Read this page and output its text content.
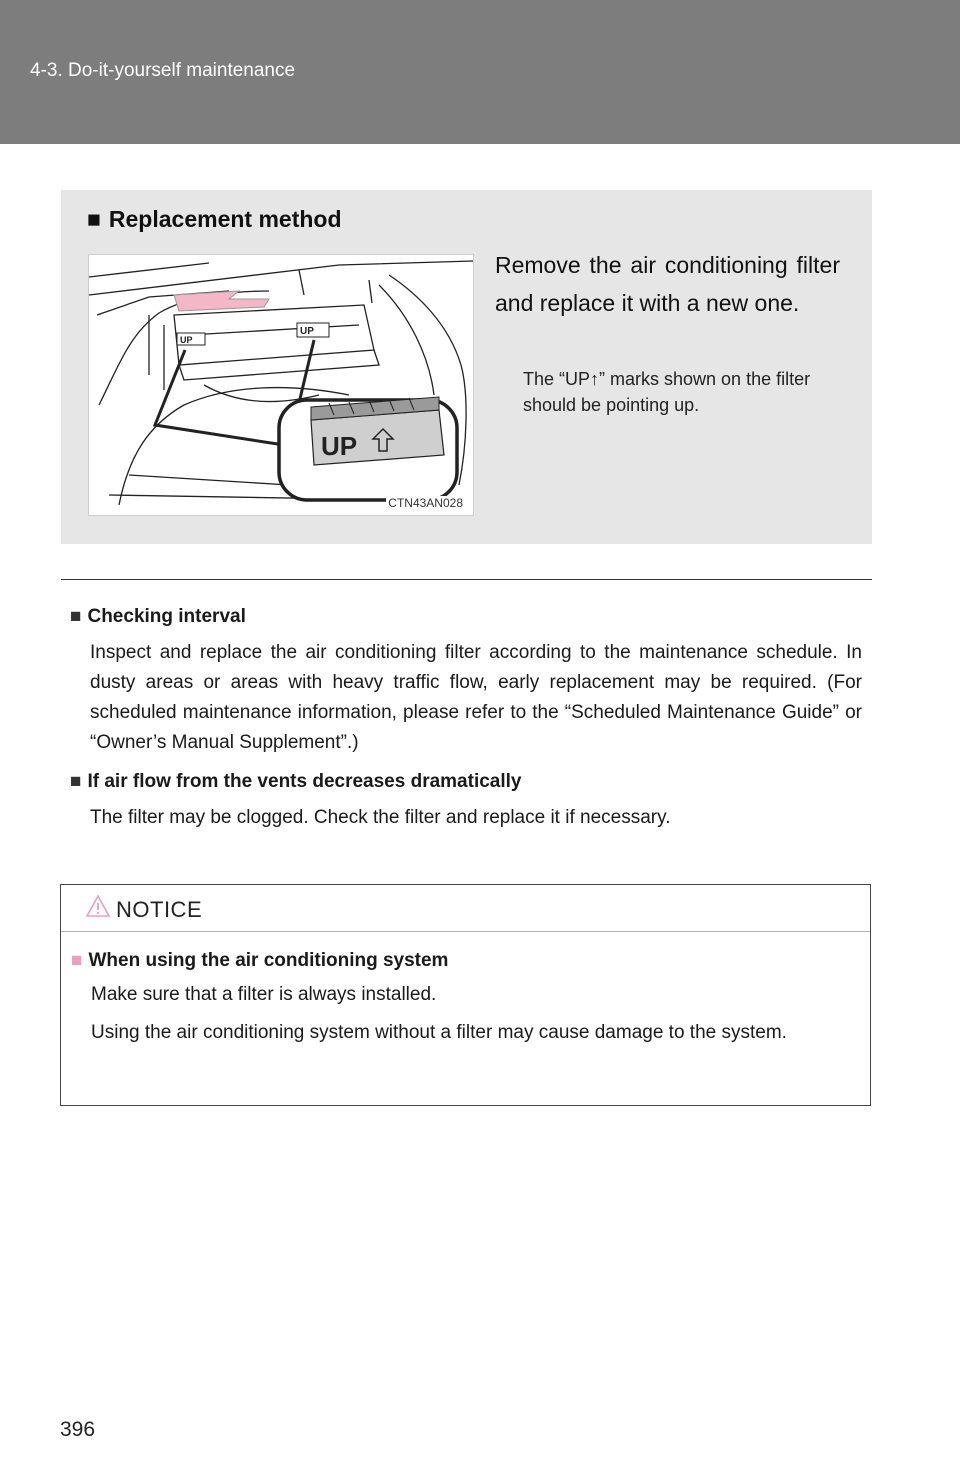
4-3. Do-it-yourself maintenance
■ Replacement method
UP
UP
UP
CTN43AN028
Remove the air conditioning filter and replace it with a new one.
The “UP↑” marks shown on the filter should be pointing up.
■ Checking interval
Inspect and replace the air conditioning filter according to the maintenance schedule. In dusty areas or areas with heavy traffic flow, early replacement may be required. (For scheduled maintenance information, please refer to the “Scheduled Maintenance Guide” or “Owner’s Manual Supplement”.)
■ If air flow from the vents decreases dramatically
The filter may be clogged. Check the filter and replace it if necessary.
NOTICE
■ When using the air conditioning system

Make sure that a filter is always installed.

Using the air conditioning system without a filter may cause damage to the system.

396
